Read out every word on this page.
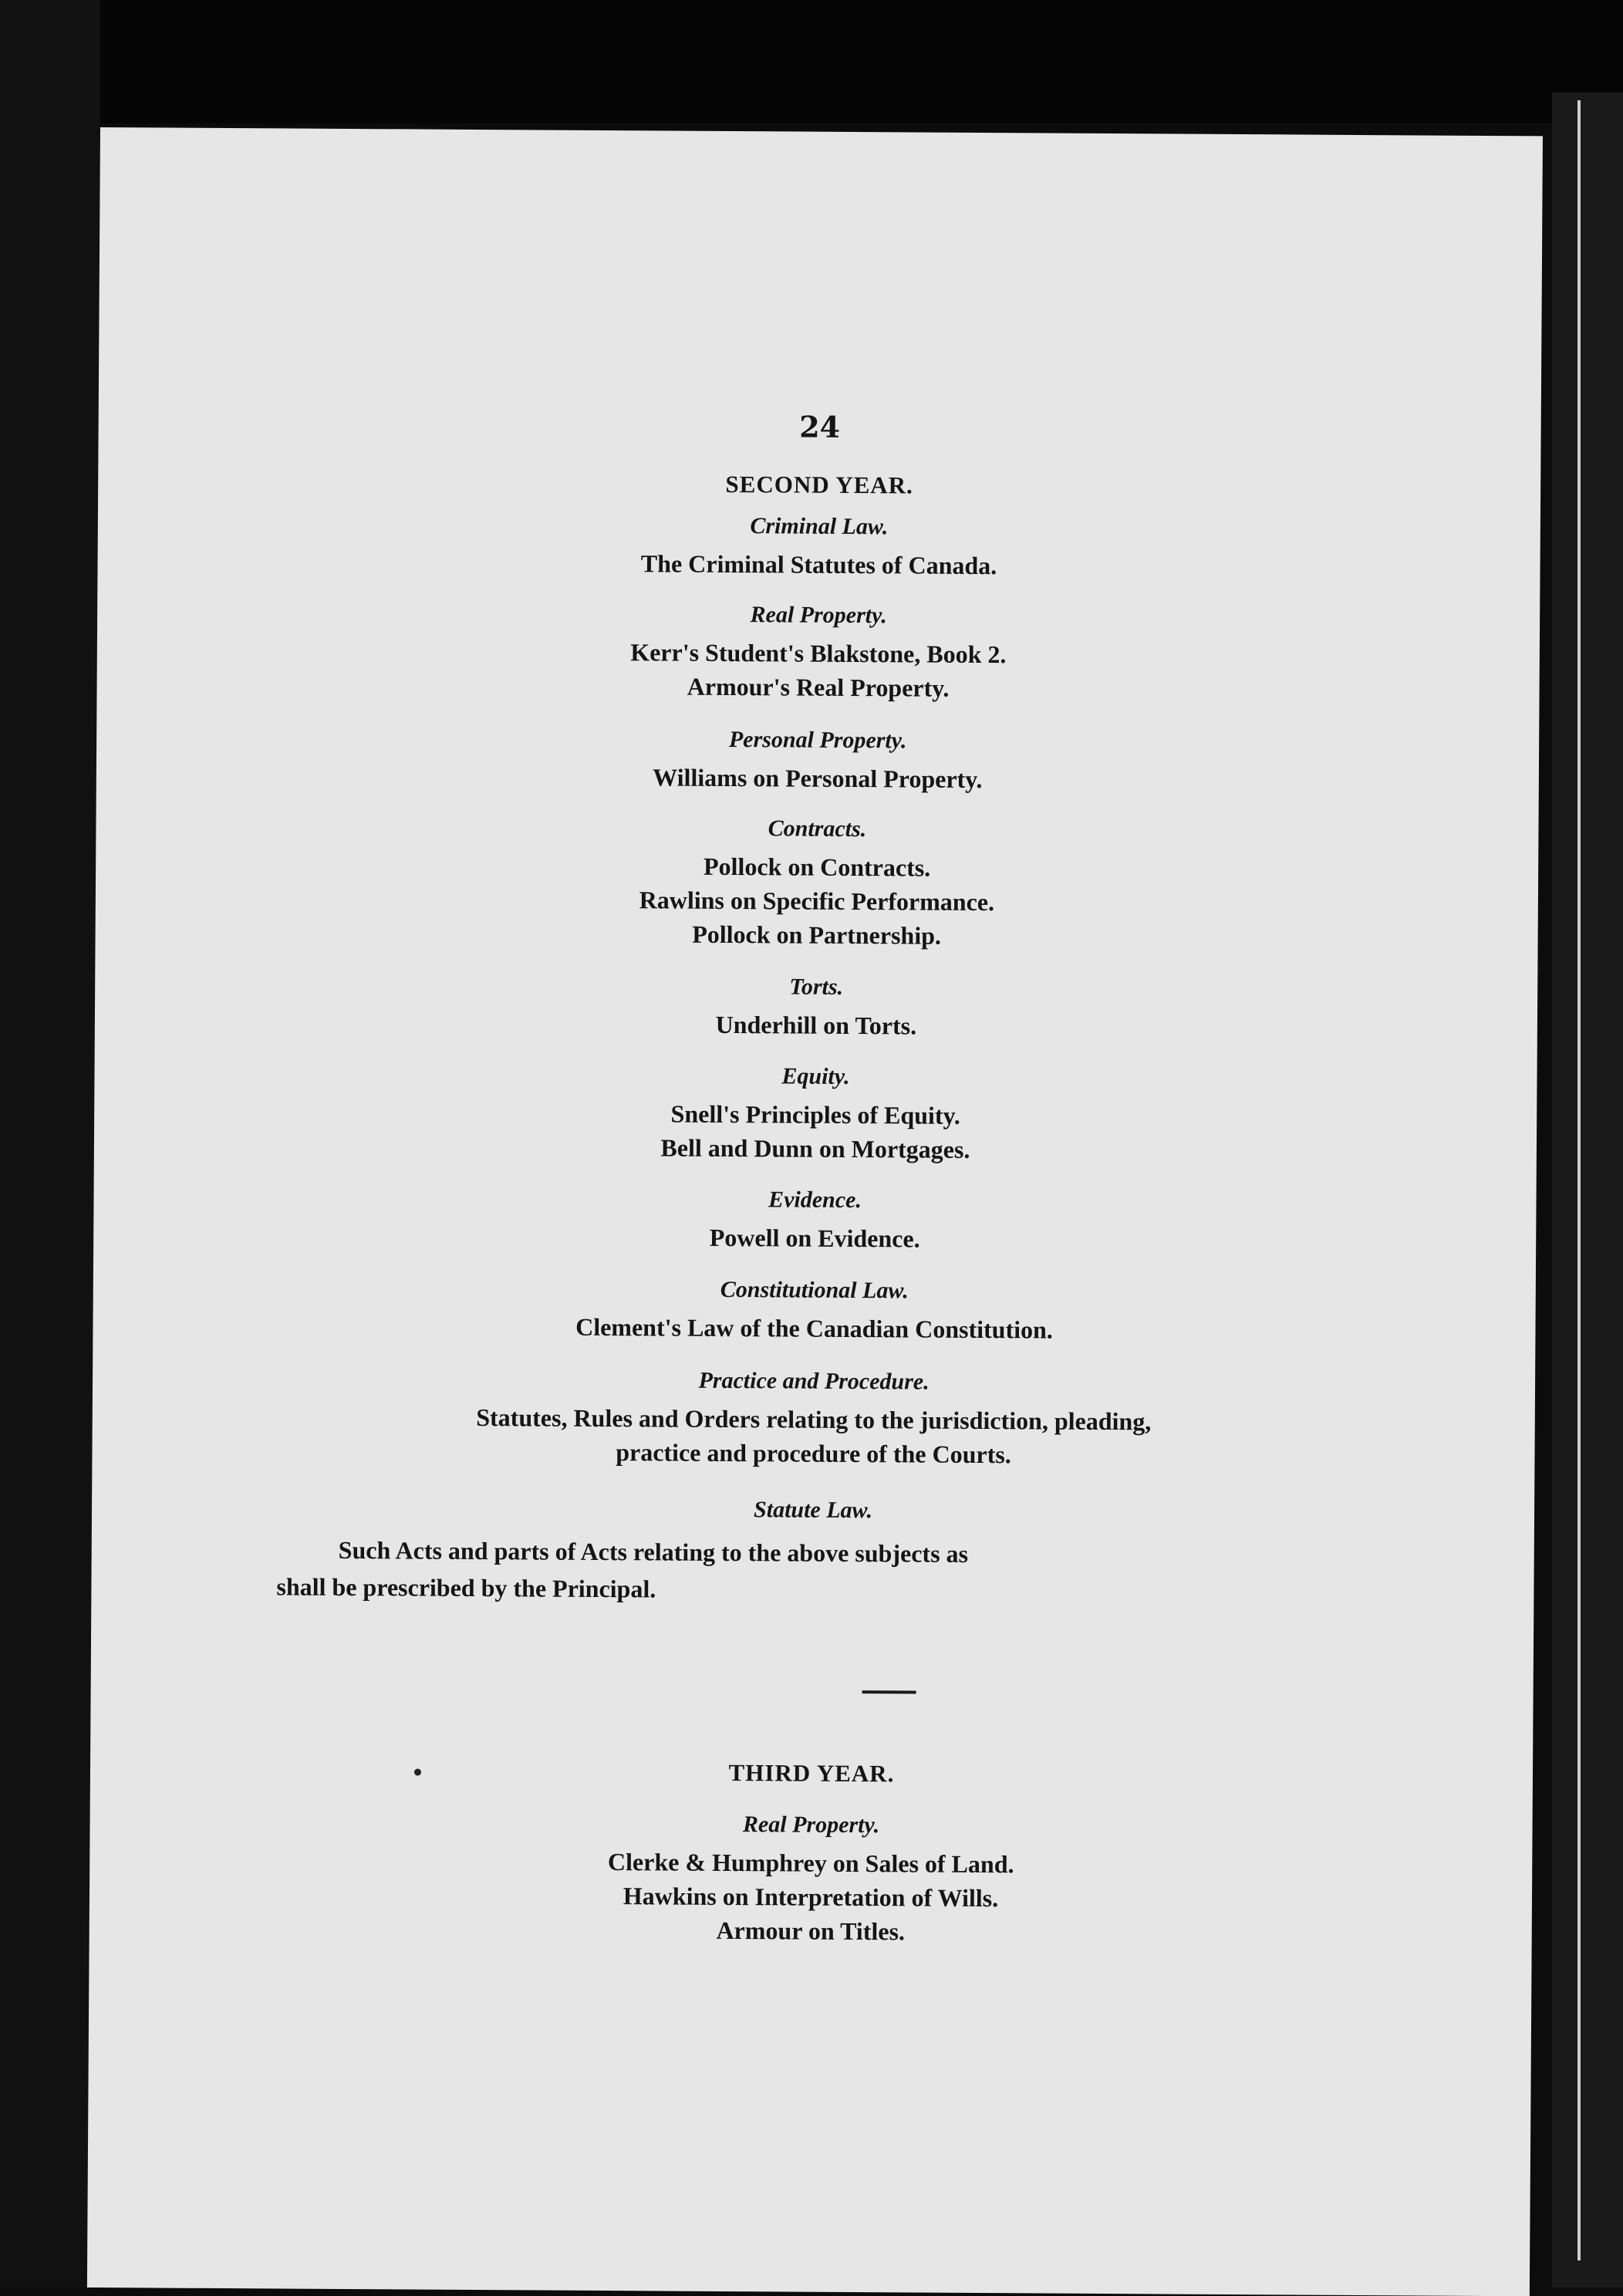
24
SECOND YEAR.
Criminal Law.
The Criminal Statutes of Canada.
Real Property.
Kerr's Student's Blakstone, Book 2.
Armour's Real Property.
Personal Property.
Williams on Personal Property.
Contracts.
Pollock on Contracts.
Rawlins on Specific Performance.
Pollock on Partnership.
Torts.
Underhill on Torts.
Equity.
Snell's Principles of Equity.
Bell and Dunn on Mortgages.
Evidence.
Powell on Evidence.
Constitutional Law.
Clement's Law of the Canadian Constitution.
Practice and Procedure.
Statutes, Rules and Orders relating to the jurisdiction, pleading,
practice and procedure of the Courts.
Statute Law.
Such Acts and parts of Acts relating to the above subjects as
shall be prescribed by the Principal.
THIRD YEAR.
Real Property.
Clerke & Humphrey on Sales of Land.
Hawkins on Interpretation of Wills.
Armour on Titles.
